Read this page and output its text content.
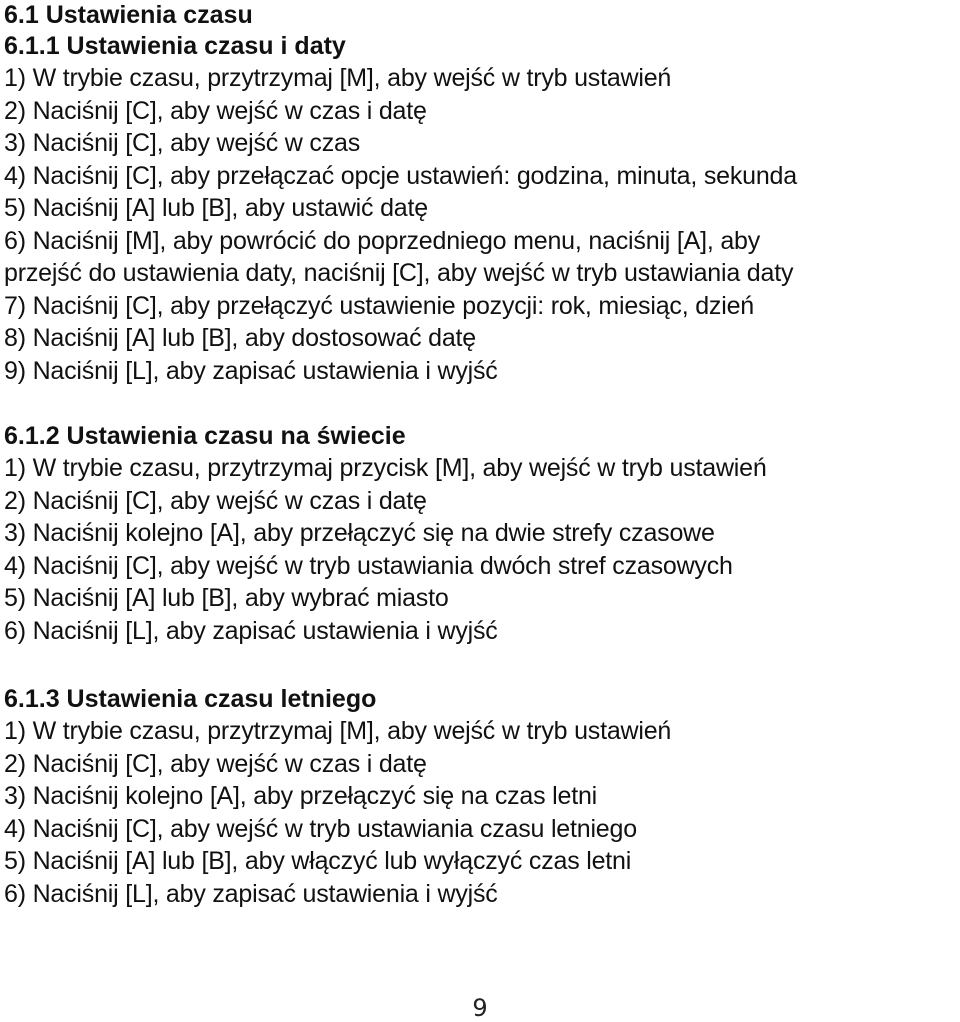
6.1 Ustawienia czasu
6.1.1 Ustawienia czasu i daty
1) W trybie czasu, przytrzymaj [M], aby wejść w tryb ustawień
2) Naciśnij [C], aby wejść w czas i datę
3) Naciśnij [C], aby wejść w czas
4) Naciśnij [C], aby przełączać opcje ustawień: godzina, minuta, sekunda
5) Naciśnij [A] lub [B], aby ustawić datę
6) Naciśnij [M], aby powrócić do poprzedniego menu, naciśnij [A], aby
przejść do ustawienia daty, naciśnij [C], aby wejść w tryb ustawiania daty
7) Naciśnij [C], aby przełączyć ustawienie pozycji: rok, miesiąc, dzień
8) Naciśnij [A] lub [B], aby dostosować datę
9) Naciśnij [L], aby zapisać ustawienia i wyjść
6.1.2 Ustawienia czasu na świecie
1) W trybie czasu, przytrzymaj przycisk [M], aby wejść w tryb ustawień
2) Naciśnij [C], aby wejść w czas i datę
3) Naciśnij kolejno [A], aby przełączyć się na dwie strefy czasowe
4) Naciśnij [C], aby wejść w tryb ustawiania dwóch stref czasowych
5) Naciśnij [A] lub [B], aby wybrać miasto
6) Naciśnij [L], aby zapisać ustawienia i wyjść
6.1.3 Ustawienia czasu letniego
1) W trybie czasu, przytrzymaj [M], aby wejść w tryb ustawień
2) Naciśnij [C], aby wejść w czas i datę
3) Naciśnij kolejno [A], aby przełączyć się na czas letni
4) Naciśnij [C], aby wejść w tryb ustawiania czasu letniego
5) Naciśnij [A] lub [B], aby włączyć lub wyłączyć czas letni
6) Naciśnij [L], aby zapisać ustawienia i wyjść
9
